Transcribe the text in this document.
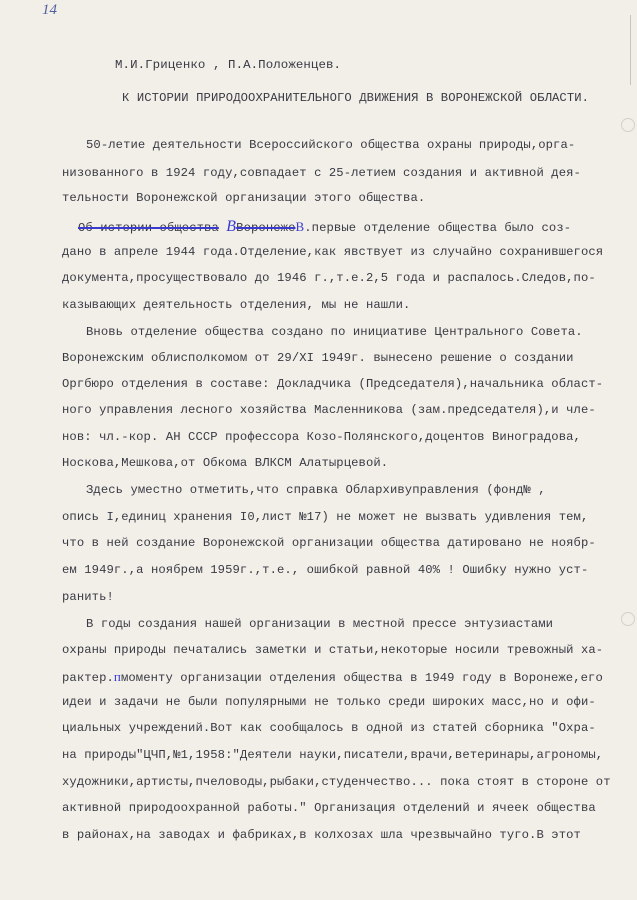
14
М.И.Гриценко , П.А.Положенцев.
К ИСТОРИИ ПРИРОДООХРАНИТЕЛЬНОГО ДВИЖЕНИЯ В ВОРОНЕЖСКОЙ ОБЛАСТИ.
50-летие деятельности Всероссийского общества охраны природы,орга-
низованного в 1924 году,совпадает с 25-летием создания и активной дея-
тельности Воронежской организации этого общества.
Об истории общества ВВоронежеВ.первые отделение общества было соз-
дано в апреле 1944 года.Отделение,как явствует из случайно сохранившегося
документа,просуществовало до 1946 г.,т.е.2,5 года и распалось.Следов,по-
казывающих деятельность отделения, мы не нашли.
Вновь отделение общества создано по инициативе Центрального Совета.
Воронежским облисполкомом от 29/XI 1949г. вынесено решение о создании
Оргбюро отделения в составе: Докладчика (Председателя),начальника област-
ного управления лесного хозяйства Масленникова (зам.председателя),и чле-
нов: чл.-кор. АН СССР профессора Козо-Полянского,доцентов Виноградова,
Носкова,Мешкова,от Обкома ВЛКСМ Алатырцевой.
Здесь уместно отметить,что справка Облархивуправления (фонд№ ,
опись I,единиц хранения I0,лист №17) не может не вызвать удивления тем,
что в ней создание Воронежской организации общества датировано не ноябр-
ем 1949г.,а ноябрем 1959г.,т.е., ошибкой равной 40% ! Ошибку нужно уст-
ранить!
В годы создания нашей организации в местной прессе энтузиастами
охраны природы печатались заметки и статьи,некоторые носили тревожный ха-
рактер.пмоменту организации отделения общества в 1949 году в Воронеже,его
идеи и задачи не были популярными не только среди широких масс,но и офи-
циальных учреждений.Вот как сообщалось в одной из статей сборника "Охра-
на природы"ЦЧП,№1,1958:"Деятели науки,писатели,врачи,ветеринары,агрономы,
художники,артисты,пчеловоды,рыбаки,студенчество... пока стоят в стороне от
активной природоохранной работы." Организация отделений и ячеек общества
в районах,на заводах и фабриках,в колхозах шла чрезвычайно туго.В этот
